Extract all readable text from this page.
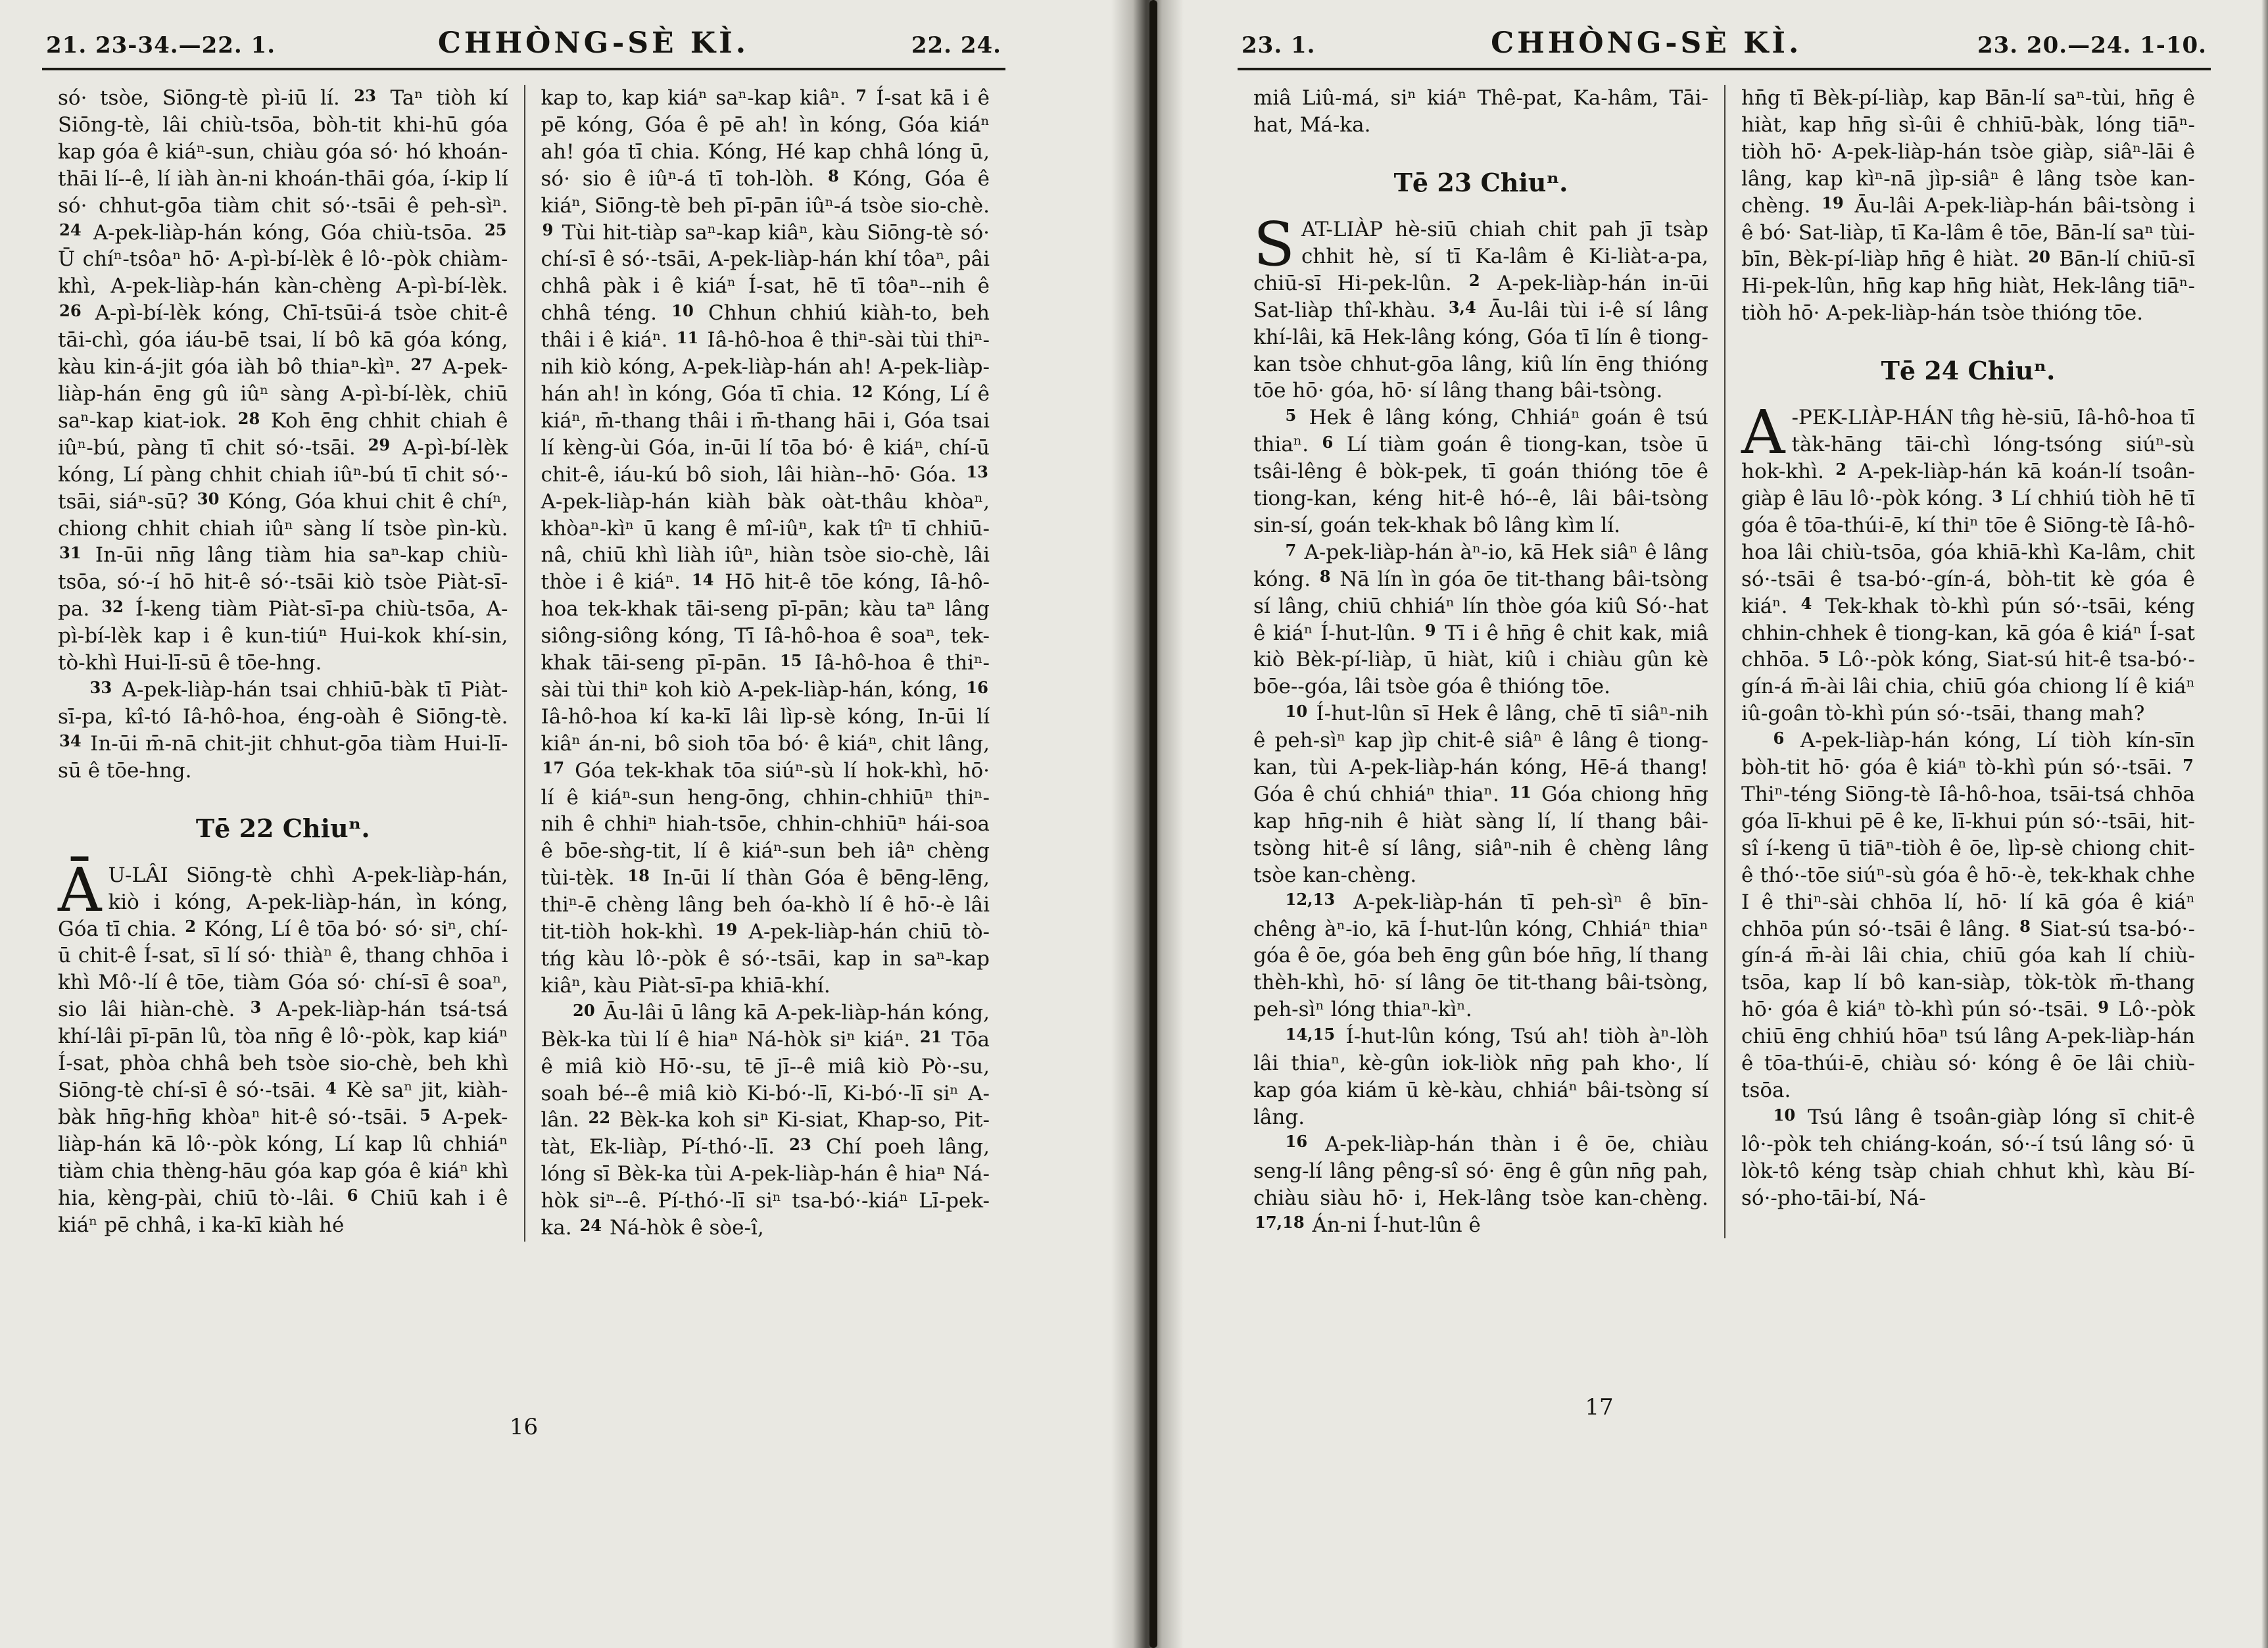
21. 23-34.—22. 1.	CHHÒNG-SÈ KÌ.	22. 24.

só· tsòe, Siōng-tè pì-iū lí. 23 Taⁿ tiòh kí Siōng-tè, lâi chiù-tsōa, bòh-tit khi-hū góa kap góa ê kiáⁿ-sun, chiàu góa só· hó khoán-thāi lí--ê, lí iàh àn-ni khoán-thāi góa, í-kip lí só· chhut-gōa tiàm chit só·-tsāi ê peh-sìⁿ. 24 A-pek-liàp-hán kóng, Góa chiù-tsōa. 25 Ū chíⁿ-tsôaⁿ hō· A-pì-bí-lèk ê lô·-pòk chiàm-khì, A-pek-liàp-hán kàn-chèng A-pì-bí-lèk. 26 A-pì-bí-lèk kóng, Chī-tsūi-á tsòe chit-ê tāi-chì, góa iáu-bē tsai, lí bô kā góa kóng, kàu kin-á-jit góa iàh bô thiaⁿ-kìⁿ. 27 A-pek-liàp-hán ēng gû iûⁿ sàng A-pì-bí-lèk, chiū saⁿ-kap kiat-iok. 28 Koh ēng chhit chiah ê iûⁿ-bú, pàng tī chit só·-tsāi. 29 A-pì-bí-lèk kóng, Lí pàng chhit chiah iûⁿ-bú tī chit só·-tsāi, siáⁿ-sū? 30 Kóng, Góa khui chit ê chíⁿ, chiong chhit chiah iûⁿ sàng lí tsòe pìn-kù. 31 In-ūi nn̄g lâng tiàm hia saⁿ-kap chiù-tsōa, só·-í hō hit-ê só·-tsāi kiò tsòe Piàt-sī-pa. 32 Í-keng tiàm Piàt-sī-pa chiù-tsōa, A-pì-bí-lèk kap i ê kun-tiúⁿ Hui-kok khí-sin, tò-khì Hui-lī-sū ê tōe-hng.

33 A-pek-liàp-hán tsai chhiū-bàk tī Piàt-sī-pa, kî-tó Iâ-hô-hoa, éng-oàh ê Siōng-tè. 34 In-ūi m̄-nā chit-jit chhut-gōa tiàm Hui-lī-sū ê tōe-hng.

Tē 22 Chiuⁿ.

Ā U-LÂI Siōng-tè chhì A-pek-liàp-hán, kiò i kóng, A-pek-liàp-hán, ìn kóng, Góa tī chia. 2 Kóng, Lí ê tōa bó· só· siⁿ, chí-ū chit-ê Í-sat, sī lí só· thiàⁿ ê, thang chhōa i khì Mô·-lí ê tōe, tiàm Góa só· chí-sī ê soaⁿ, sio lâi hiàn-chè. 3 A-pek-liàp-hán tsá-tsá khí-lâi pī-pān lû, tòa nn̄g ê lô·-pòk, kap kiáⁿ Í-sat, phòa chhâ beh tsòe sio-chè, beh khì Siōng-tè chí-sī ê só·-tsāi. 4 Kè saⁿ jit, kiàh-bàk hn̄g-hn̄g khòaⁿ hit-ê só·-tsāi. 5 A-pek-liàp-hán kā lô·-pòk kóng, Lí kap lû chhiáⁿ tiàm chia thèng-hāu góa kap góa ê kiáⁿ khì hia, kèng-pài, chiū tò·-lâi. 6 Chiū kah i ê kiáⁿ pē chhâ, i ka-kī kiàh hé

kap to, kap kiáⁿ saⁿ-kap kiâⁿ. 7 Í-sat kā i ê pē kóng, Góa ê pē ah! ìn kóng, Góa kiáⁿ ah! góa tī chia. Kóng, Hé kap chhâ lóng ū, só· sio ê iûⁿ-á tī toh-lòh. 8 Kóng, Góa ê kiáⁿ, Siōng-tè beh pī-pān iûⁿ-á tsòe sio-chè. 9 Tùi hit-tiàp saⁿ-kap kiâⁿ, kàu Siōng-tè só· chí-sī ê só·-tsāi, A-pek-liàp-hán khí tôaⁿ, pâi chhâ pàk i ê kiáⁿ Í-sat, hē tī tôaⁿ--nih ê chhâ téng. 10 Chhun chhiú kiàh-to, beh thâi i ê kiáⁿ. 11 Iâ-hô-hoa ê thiⁿ-sài tùi thiⁿ-nih kiò kóng, A-pek-liàp-hán ah! A-pek-liàp-hán ah! ìn kóng, Góa tī chia. 12 Kóng, Lí ê kiáⁿ, m̄-thang thâi i m̄-thang hāi i, Góa tsai lí kèng-ùi Góa, in-ūi lí tōa bó· ê kiáⁿ, chí-ū chit-ê, iáu-kú bô sioh, lâi hiàn--hō· Góa. 13 A-pek-liàp-hán kiàh bàk oàt-thâu khòaⁿ, khòaⁿ-kìⁿ ū kang ê mî-iûⁿ, kak tîⁿ tī chhiū-nâ, chiū khì liàh iûⁿ, hiàn tsòe sio-chè, lâi thòe i ê kiáⁿ. 14 Hō hit-ê tōe kóng, Iâ-hô-hoa tek-khak tāi-seng pī-pān; kàu taⁿ lâng siông-siông kóng, Tī Iâ-hô-hoa ê soaⁿ, tek-khak tāi-seng pī-pān. 15 Iâ-hô-hoa ê thiⁿ-sài tùi thiⁿ koh kiò A-pek-liàp-hán, kóng, 16 Iâ-hô-hoa kí ka-kī lâi lìp-sè kóng, In-ūi lí kiâⁿ án-ni, bô sioh tōa bó· ê kiáⁿ, chit lâng, 17 Góa tek-khak tōa siúⁿ-sù lí hok-khì, hō· lí ê kiáⁿ-sun heng-ōng, chhin-chhiūⁿ thiⁿ-nih ê chhiⁿ hiah-tsōe, chhin-chhiūⁿ hái-soa ê bōe-sǹg-tit, lí ê kiáⁿ-sun beh iâⁿ chèng tùi-tèk. 18 In-ūi lí thàn Góa ê bēng-lēng, thiⁿ-ē chèng lâng beh óa-khò lí ê hō·-è lâi tit-tiòh hok-khì. 19 A-pek-liàp-hán chiū tò-tńg kàu lô·-pòk ê só·-tsāi, kap in saⁿ-kap kiâⁿ, kàu Piàt-sī-pa khiā-khí.

20 Āu-lâi ū lâng kā A-pek-liàp-hán kóng, Bèk-ka tùi lí ê hiaⁿ Ná-hòk siⁿ kiáⁿ. 21 Tōa ê miâ kiò Hō·-su, tē jī--ê miâ kiò Pò·-su, soah bé--ê miâ kiò Ki-bó·-lī, Ki-bó·-lī siⁿ A-lân. 22 Bèk-ka koh siⁿ Ki-siat, Khap-so, Pit-tàt, Ek-liàp, Pí-thó·-lī. 23 Chí poeh lâng, lóng sī Bèk-ka tùi A-pek-liàp-hán ê hiaⁿ Ná-hòk siⁿ--ê. Pí-thó·-lī siⁿ tsa-bó·-kiáⁿ Lī-pek-ka. 24 Ná-hòk ê sòe-î,

23. 1.	CHHÒNG-SÈ KÌ.	23. 20.—24. 1-10.

miâ Liû-má, siⁿ kiáⁿ Thê-pat, Ka-hâm, Tāi-hat, Má-ka.

Tē 23 Chiuⁿ.

SAT-LIÀP hè-siū chiah chit pah jī tsàp chhit hè, sí tī Ka-lâm ê Ki-liàt-a-pa, chiū-sī Hi-pek-lûn. 2 A-pek-liàp-hán in-ūi Sat-liàp thî-khàu. 3,4 Āu-lâi tùi i-ê sí lâng khí-lâi, kā Hek-lâng kóng, Góa tī lín ê tiong-kan tsòe chhut-gōa lâng, kiû lín ēng thióng tōe hō· góa, hō· sí lâng thang bâi-tsòng.

5 Hek ê lâng kóng, Chhiáⁿ goán ê tsú thiaⁿ. 6 Lí tiàm goán ê tiong-kan, tsòe ū tsâi-lêng ê bòk-pek, tī goán thióng tōe ê tiong-kan, kéng hit-ê hó--ê, lâi bâi-tsòng sin-sí, goán tek-khak bô lâng kìm lí.

7 A-pek-liàp-hán àⁿ-io, kā Hek siâⁿ ê lâng kóng. 8 Nā lín ìn góa ōe tit-thang bâi-tsòng sí lâng, chiū chhiáⁿ lín thòe góa kiû Só·-hat ê kiáⁿ Í-hut-lûn. 9 Tī i ê hn̄g ê chit kak, miâ kiò Bèk-pí-liàp, ū hiàt, kiû i chiàu gûn kè bōe--góa, lâi tsòe góa ê thióng tōe.

10 Í-hut-lûn sī Hek ê lâng, chē tī siâⁿ-nih ê peh-sìⁿ kap jìp chit-ê siâⁿ ê lâng ê tiong-kan, tùi A-pek-liàp-hán kóng, Hē-á thang! Góa ê chú chhiáⁿ thiaⁿ. 11 Góa chiong hn̄g kap hn̄g-nih ê hiàt sàng lí, lí thang bâi-tsòng hit-ê sí lâng, siâⁿ-nih ê chèng lâng tsòe kan-chèng.

12,13 A-pek-liàp-hán tī peh-sìⁿ ê bīn-chêng àⁿ-io, kā Í-hut-lûn kóng, Chhiáⁿ thiaⁿ góa ê ōe, góa beh ēng gûn bóe hn̄g, lí thang thèh-khì, hō· sí lâng ōe tit-thang bâi-tsòng, peh-sìⁿ lóng thiaⁿ-kìⁿ.

14,15 Í-hut-lûn kóng, Tsú ah! tiòh àⁿ-lòh lâi thiaⁿ, kè-gûn iok-liòk nn̄g pah kho·, lí kap góa kiám ū kè-kàu, chhiáⁿ bâi-tsòng sí lâng.

16 A-pek-liàp-hán thàn i ê ōe, chiàu seng-lí lâng pêng-sî só· ēng ê gûn nn̄g pah, chiàu siàu hō· i, Hek-lâng tsòe kan-chèng. 17,18 Án-ni Í-hut-lûn ê

hn̄g tī Bèk-pí-liàp, kap Bān-lí saⁿ-tùi, hn̄g ê hiàt, kap hn̄g sì-ûi ê chhiū-bàk, lóng tiāⁿ-tiòh hō· A-pek-liàp-hán tsòe giàp, siâⁿ-lāi ê lâng, kap kìⁿ-nā jìp-siâⁿ ê lâng tsòe kan-chèng. 19 Āu-lâi A-pek-liàp-hán bâi-tsòng i ê bó· Sat-liàp, tī Ka-lâm ê tōe, Bān-lí saⁿ tùi-bīn, Bèk-pí-liàp hn̄g ê hiàt. 20 Bān-lí chiū-sī Hi-pek-lûn, hn̄g kap hn̄g hiàt, Hek-lâng tiāⁿ-tiòh hō· A-pek-liàp-hán tsòe thióng tōe.

Tē 24 Chiuⁿ.

A -PEK-LIÀP-HÁN tn̂g hè-siū, Iâ-hô-hoa tī tàk-hāng tāi-chì lóng-tsóng siúⁿ-sù hok-khì. 2 A-pek-liàp-hán kā koán-lí tsoân-giàp ê lāu lô·-pòk kóng. 3 Lí chhiú tiòh hē tī góa ê tōa-thúi-ē, kí thiⁿ tōe ê Siōng-tè Iâ-hô-hoa lâi chiù-tsōa, góa khiā-khì Ka-lâm, chit só·-tsāi ê tsa-bó·-gín-á, bòh-tit kè góa ê kiáⁿ. 4 Tek-khak tò-khì pún só·-tsāi, kéng chhin-chhek ê tiong-kan, kā góa ê kiáⁿ Í-sat chhōa. 5 Lô·-pòk kóng, Siat-sú hit-ê tsa-bó·-gín-á m̄-ài lâi chia, chiū góa chiong lí ê kiáⁿ iû-goân tò-khì pún só·-tsāi, thang mah?

6 A-pek-liàp-hán kóng, Lí tiòh kín-sīn bòh-tit hō· góa ê kiáⁿ tò-khì pún só·-tsāi. 7 Thiⁿ-téng Siōng-tè Iâ-hô-hoa, tsāi-tsá chhōa góa lī-khui pē ê ke, lī-khui pún só·-tsāi, hit-sî í-keng ū tiāⁿ-tiòh ê ōe, lìp-sè chiong chit-ê thó·-tōe siúⁿ-sù góa ê hō·-è, tek-khak chhe I ê thiⁿ-sài chhōa lí, hō· lí kā góa ê kiáⁿ chhōa pún só·-tsāi ê lâng. 8 Siat-sú tsa-bó·-gín-á m̄-ài lâi chia, chiū góa kah lí chiù-tsōa, kap lí bô kan-siàp, tòk-tòk m̄-thang hō· góa ê kiáⁿ tò-khì pún só·-tsāi. 9 Lô·-pòk chiū ēng chhiú hōaⁿ tsú lâng A-pek-liàp-hán ê tōa-thúi-ē, chiàu só· kóng ê ōe lâi chiù-tsōa.

10 Tsú lâng ê tsoân-giàp lóng sī chit-ê lô·-pòk teh chiáng-koán, só·-í tsú lâng só· ū lòk-tô kéng tsàp chiah chhut khì, kàu Bí-só·-pho-tāi-bí, Ná-

16
17
